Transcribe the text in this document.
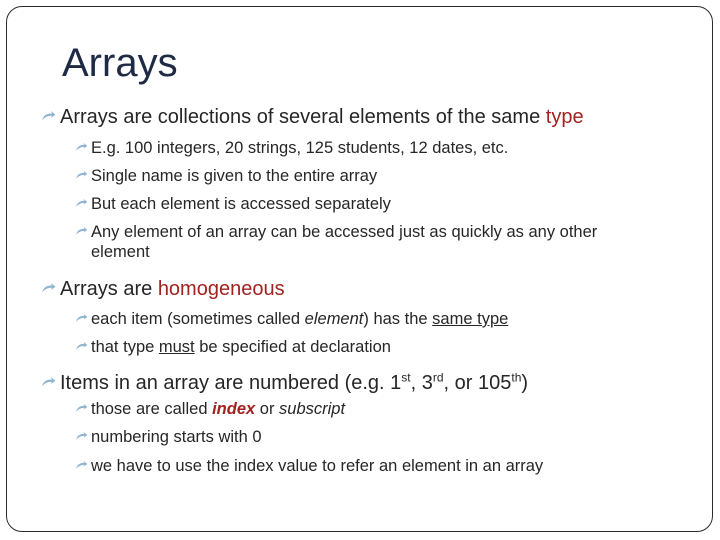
Arrays
Arrays are collections of several elements of the same type
E.g. 100 integers, 20 strings, 125 students, 12 dates, etc.
Single name is given to the entire array
But each element is accessed separately
Any element of an array can be accessed just as quickly as any other
element
Arrays are homogeneous
each item (sometimes called element) has the same type
that type must be specified at declaration
Items in an array are numbered (e.g. 1st, 3rd, or 105th)
those are called index or subscript
numbering starts with 0
we have to use the index value to refer an element in an array
